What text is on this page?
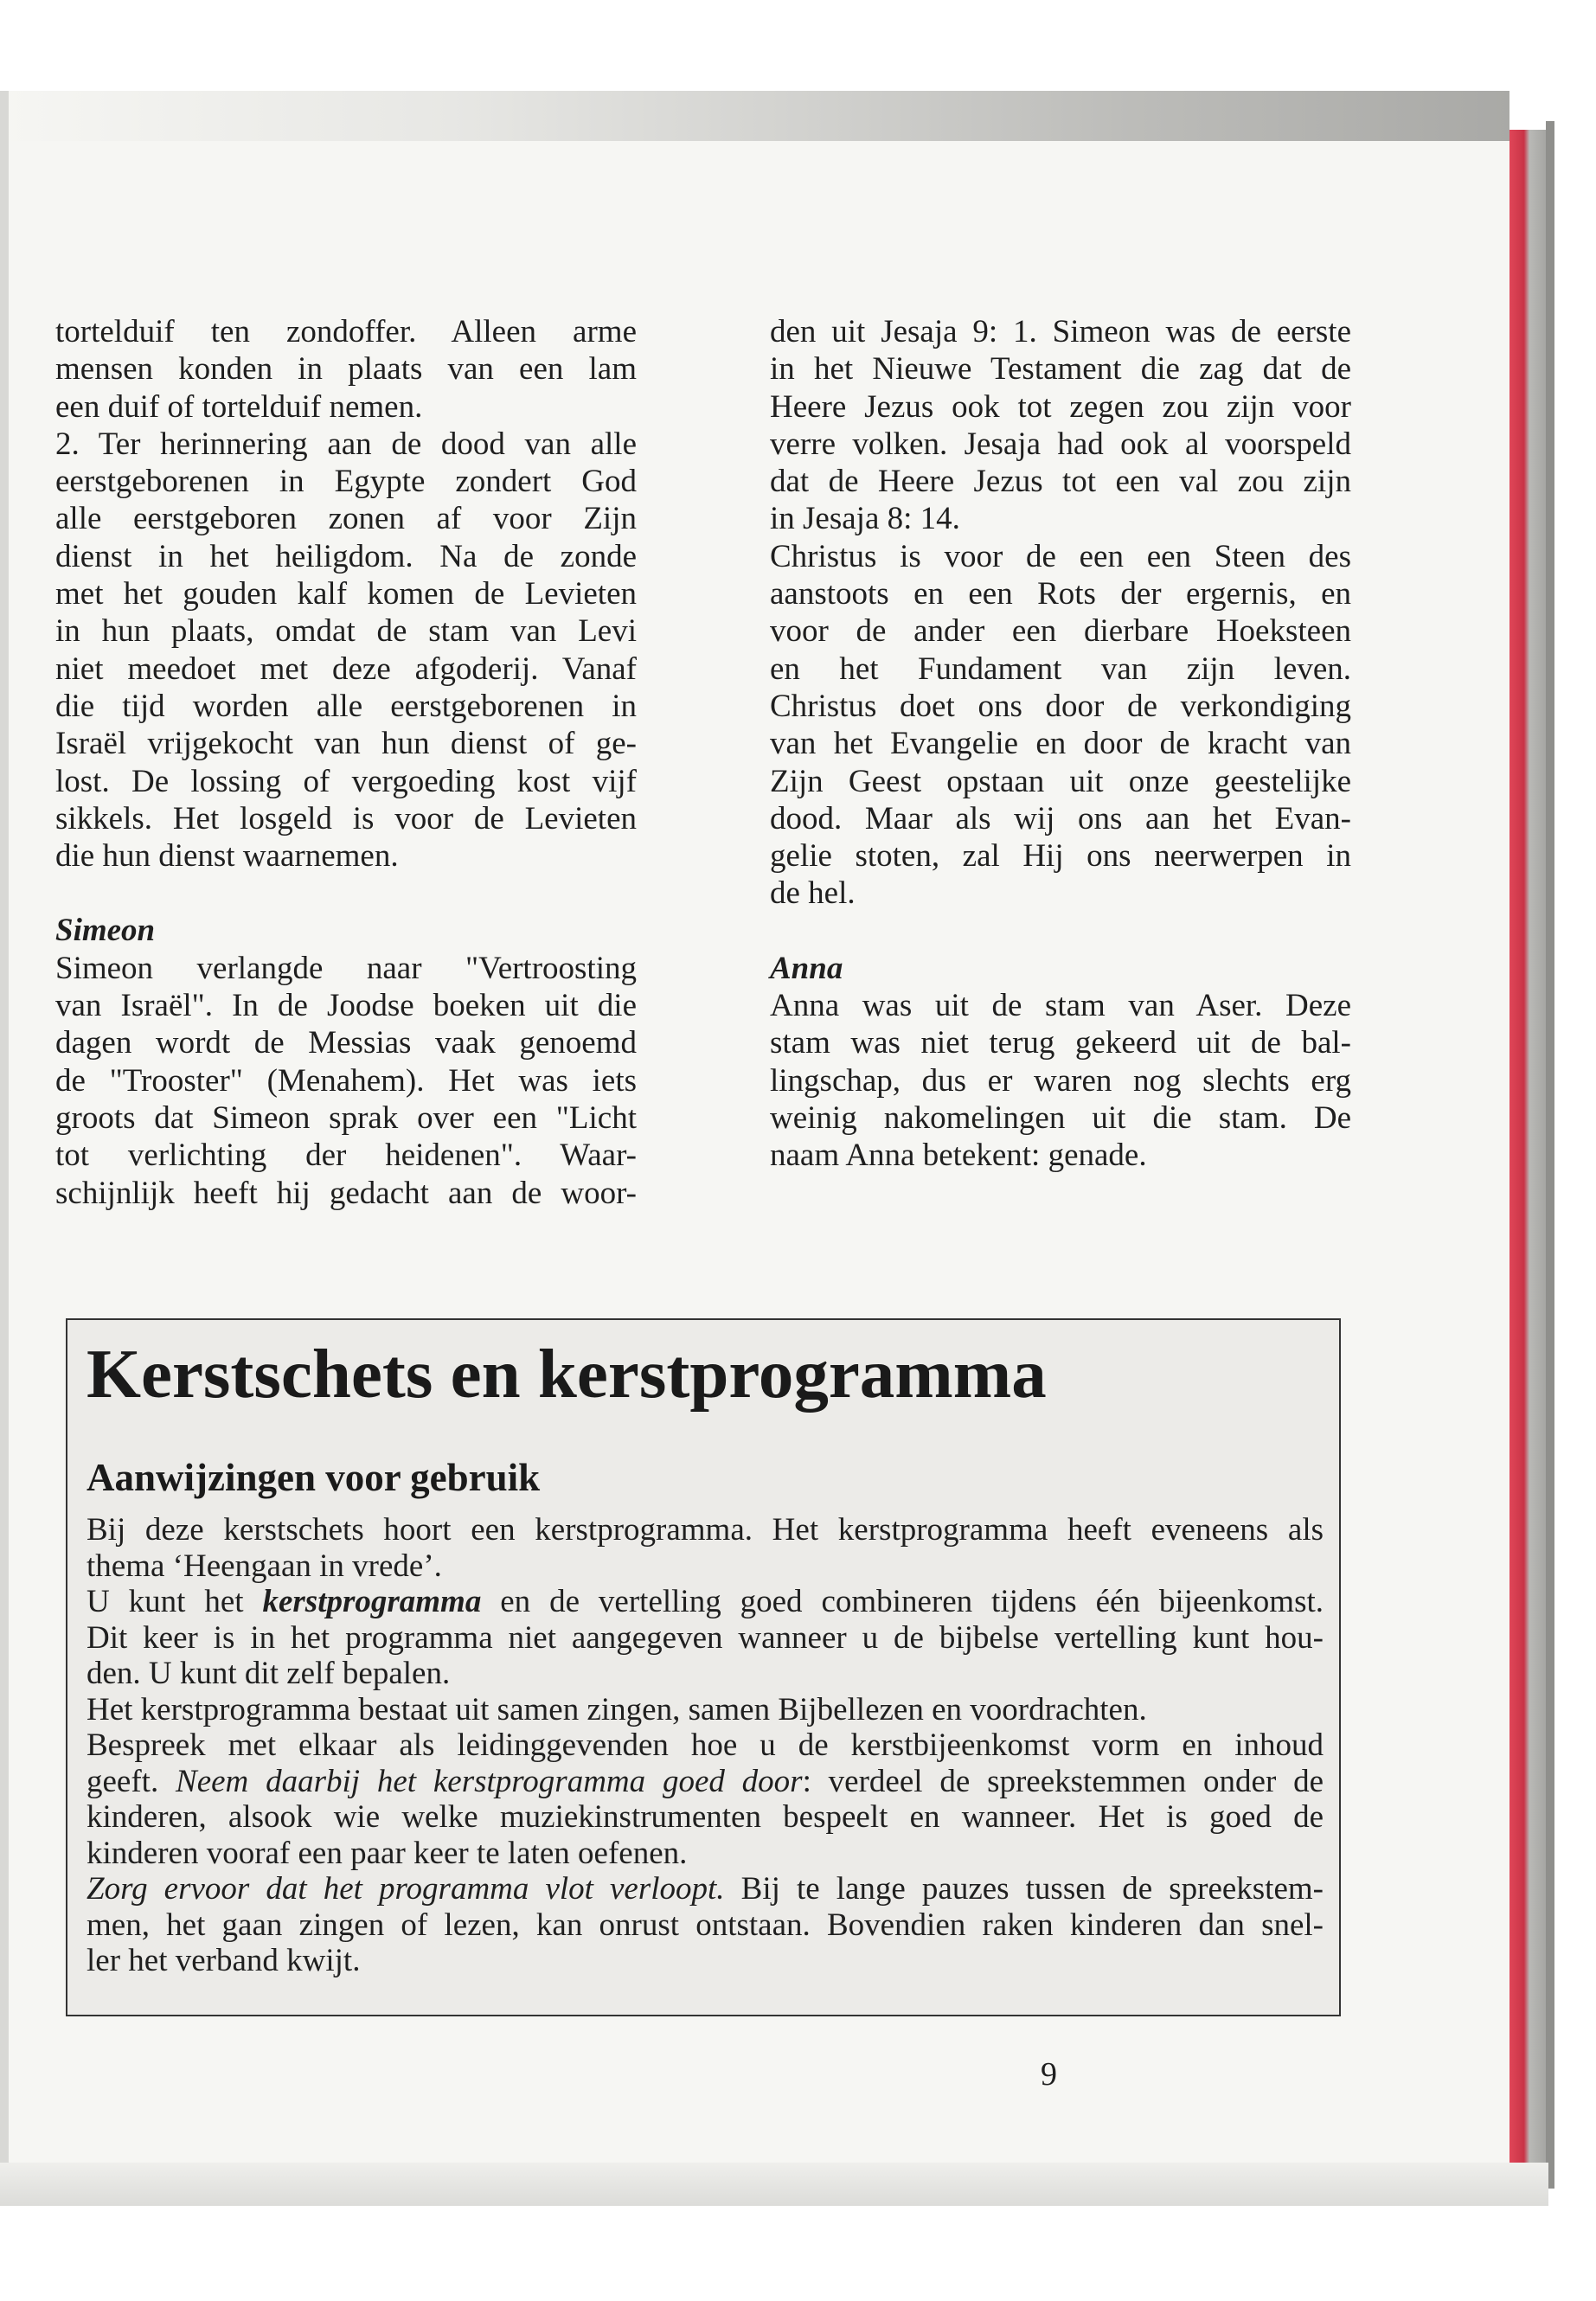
tortelduif ten zondoffer. Alleen arme
mensen konden in plaats van een lam
een duif of tortelduif nemen.
2. Ter herinnering aan de dood van alle
eerstgeborenen in Egypte zondert God
alle eerstgeboren zonen af voor Zijn
dienst in het heiligdom. Na de zonde
met het gouden kalf komen de Levieten
in hun plaats, omdat de stam van Levi
niet meedoet met deze afgoderij. Vanaf
die tijd worden alle eerstgeborenen in
Israël vrijgekocht van hun dienst of ge-
lost. De lossing of vergoeding kost vijf
sikkels. Het losgeld is voor de Levieten
die hun dienst waarnemen.

Simeon

Simeon verlangde naar "Vertroosting
van Israël". In de Joodse boeken uit die
dagen wordt de Messias vaak genoemd
de "Trooster" (Menahem). Het was iets
groots dat Simeon sprak over een "Licht
tot verlichting der heidenen". Waar-
schijnlijk heeft hij gedacht aan de woor-

den uit Jesaja 9: 1. Simeon was de eerste
in het Nieuwe Testament die zag dat de
Heere Jezus ook tot zegen zou zijn voor
verre volken. Jesaja had ook al voorspeld
dat de Heere Jezus tot een val zou zijn
in Jesaja 8: 14.
Christus is voor de een een Steen des
aanstoots en een Rots der ergernis, en
voor de ander een dierbare Hoeksteen
en het Fundament van zijn leven.
Christus doet ons door de verkondiging
van het Evangelie en door de kracht van
Zijn Geest opstaan uit onze geestelijke
dood. Maar als wij ons aan het Evan-
gelie stoten, zal Hij ons neerwerpen in
de hel.

Anna

Anna was uit de stam van Aser. Deze
stam was niet terug gekeerd uit de bal-
lingschap, dus er waren nog slechts erg
weinig nakomelingen uit die stam. De
naam Anna betekent: genade.

Kerstschets en kerstprogramma
Aanwijzingen voor gebruik
Bij deze kerstschets hoort een kerstprogramma. Het kerstprogramma heeft eveneens als
thema ‘Heengaan in vrede’.
U kunt het kerstprogramma en de vertelling goed combineren tijdens één bijeenkomst.
Dit keer is in het programma niet aangegeven wanneer u de bijbelse vertelling kunt hou-
den. U kunt dit zelf bepalen.
Het kerstprogramma bestaat uit samen zingen, samen Bijbellezen en voordrachten.
Bespreek met elkaar als leidinggevenden hoe u de kerstbijeenkomst vorm en inhoud
geeft. Neem daarbij het kerstprogramma goed door: verdeel de spreekstemmen onder de
kinderen, alsook wie welke muziekinstrumenten bespeelt en wanneer. Het is goed de
kinderen vooraf een paar keer te laten oefenen.
Zorg ervoor dat het programma vlot verloopt. Bij te lange pauzes tussen de spreekstem-
men, het gaan zingen of lezen, kan onrust ontstaan. Bovendien raken kinderen dan snel-
ler het verband kwijt.
9
